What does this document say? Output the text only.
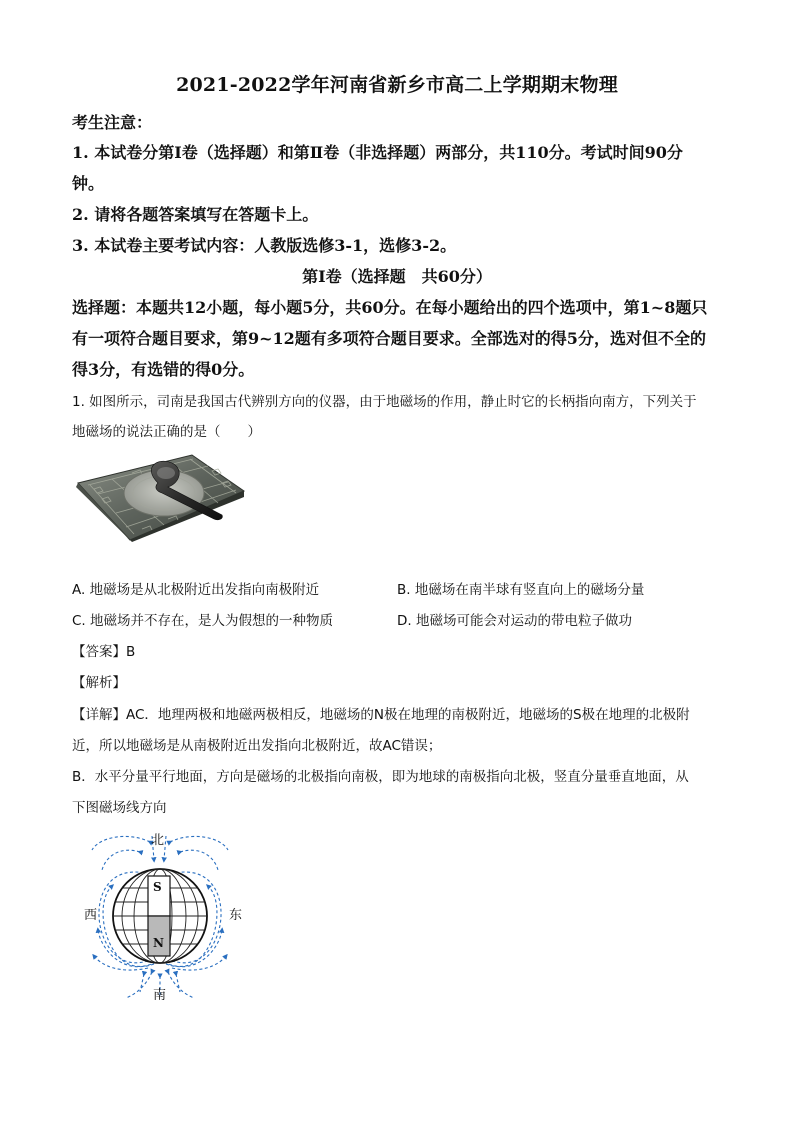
2021-2022学年河南省新乡市高二上学期期末物理
考生注意：
1. 本试卷分第Ⅰ卷（选择题）和第Ⅱ卷（非选择题）两部分，共110分。考试时间90分
钟。
2. 请将各题答案填写在答题卡上。
3. 本试卷主要考试内容：人教版选修3-1，选修3-2。
第Ⅰ卷（选择题　共60分）
选择题：本题共12小题，每小题5分，共60分。在每小题给出的四个选项中，第1~8题只
有一项符合题目要求，第9~12题有多项符合题目要求。全部选对的得5分，选对但不全的
得3分，有选错的得0分。
1. 如图所示，司南是我国古代辨别方向的仪器，由于地磁场的作用，静止时它的长柄指向南方，下列关于
地磁场的说法正确的是（　　）
A. 地磁场是从北极附近出发指向南极附近	B. 地磁场在南半球有竖直向上的磁场分量
C. 地磁场并不存在，是人为假想的一种物质	D. 地磁场可能会对运动的带电粒子做功
【答案】B
【解析】
【详解】AC．地理两极和地磁两极相反，地磁场的N极在地理的南极附近，地磁场的S极在地理的北极附
近，所以地磁场是从南极附近出发指向北极附近，故AC错误；
B．水平分量平行地面，方向是磁场的北极指向南极，即为地球的南极指向北极，竖直分量垂直地面，从
下图磁场线方向
北
南
西	东
S
N
